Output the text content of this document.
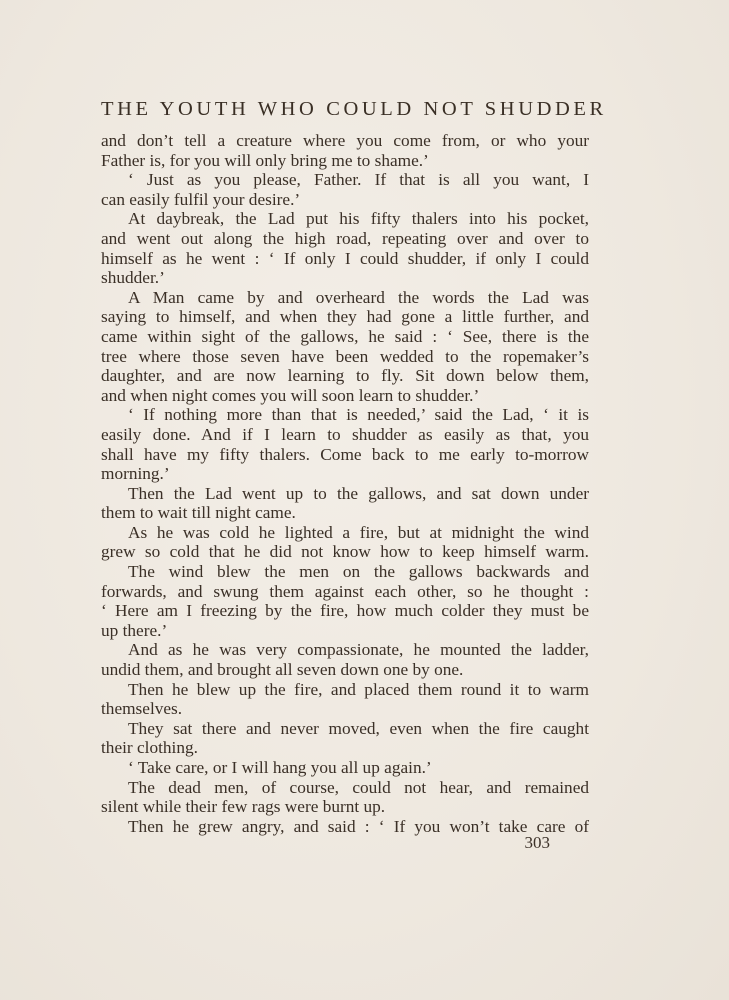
THE YOUTH WHO COULD NOT SHUDDER
and don’t tell a creature where you come from, or who your
Father is, for you will only bring me to shame.’
‘ Just as you please, Father. If that is all you want, I
can easily fulfil your desire.’
At daybreak, the Lad put his fifty thalers into his pocket,
and went out along the high road, repeating over and over to
himself as he went : ‘ If only I could shudder, if only I could
shudder.’
A Man came by and overheard the words the Lad was
saying to himself, and when they had gone a little further, and
came within sight of the gallows, he said : ‘ See, there is the
tree where those seven have been wedded to the ropemaker’s
daughter, and are now learning to fly. Sit down below them,
and when night comes you will soon learn to shudder.’
‘ If nothing more than that is needed,’ said the Lad, ‘ it is
easily done. And if I learn to shudder as easily as that, you
shall have my fifty thalers. Come back to me early to-morrow
morning.’
Then the Lad went up to the gallows, and sat down under
them to wait till night came.
As he was cold he lighted a fire, but at midnight the wind
grew so cold that he did not know how to keep himself warm.
The wind blew the men on the gallows backwards and
forwards, and swung them against each other, so he thought :
‘ Here am I freezing by the fire, how much colder they must be
up there.’
And as he was very compassionate, he mounted the ladder,
undid them, and brought all seven down one by one.
Then he blew up the fire, and placed them round it to warm
themselves.
They sat there and never moved, even when the fire caught
their clothing.
‘ Take care, or I will hang you all up again.’
The dead men, of course, could not hear, and remained
silent while their few rags were burnt up.
Then he grew angry, and said : ‘ If you won’t take care of
303
